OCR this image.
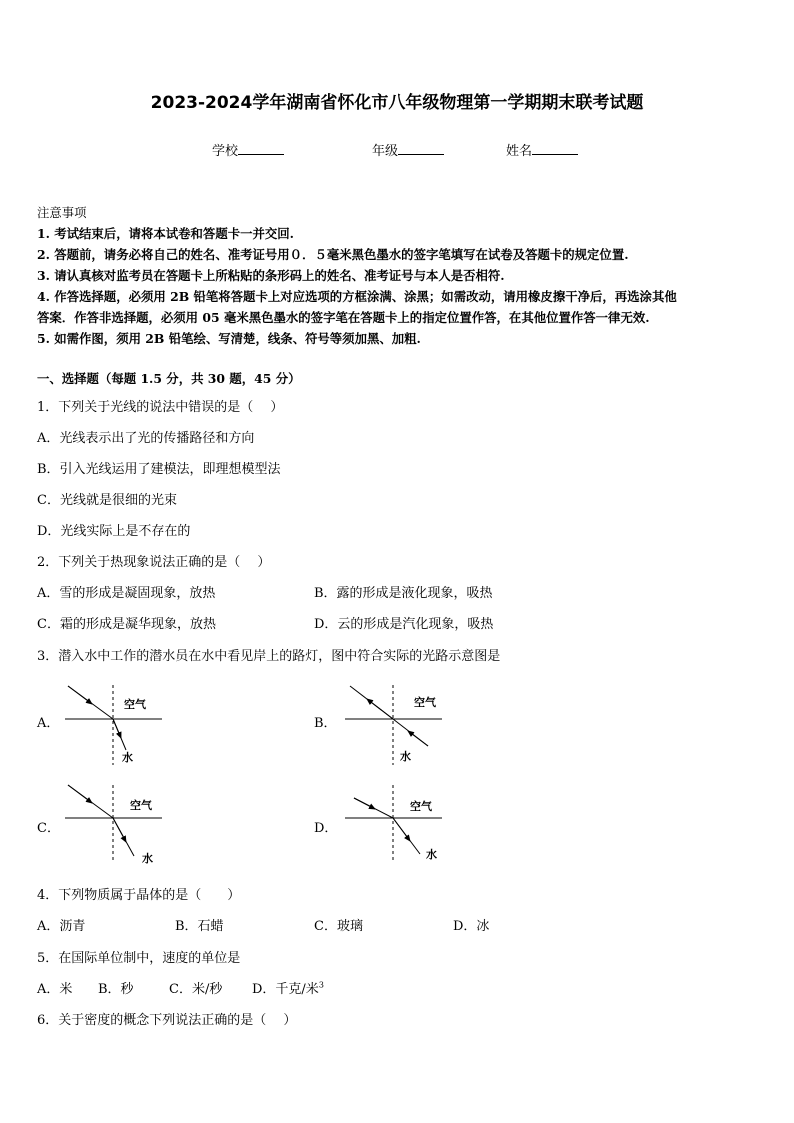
2023-2024学年湖南省怀化市八年级物理第一学期期末联考试题
学校	年级	姓名
注意事项
1. 考试结束后，请将本试卷和答题卡一并交回.
2. 答题前，请务必将自己的姓名、准考证号用０．５毫米黑色墨水的签字笔填写在试卷及答题卡的规定位置.
3. 请认真核对监考员在答题卡上所粘贴的条形码上的姓名、准考证号与本人是否相符.
4. 作答选择题，必须用 2B 铅笔将答题卡上对应选项的方框涂满、涂黑；如需改动，请用橡皮擦干净后，再选涂其他
答案．作答非选择题，必须用 05 毫米黑色墨水的签字笔在答题卡上的指定位置作答，在其他位置作答一律无效.
5. 如需作图，须用 2B 铅笔绘、写清楚，线条、符号等须加黑、加粗.
一、选择题（每题 1.5 分，共 30 题，45 分）
1．下列关于光线的说法中错误的是（　 ）
A．光线表示出了光的传播路径和方向
B．引入光线运用了建模法，即理想模型法
C．光线就是很细的光束
D．光线实际上是不存在的
2．下列关于热现象说法正确的是（　 ）
A．雪的形成是凝固现象，放热	B．露的形成是液化现象，吸热
C．霜的形成是凝华现象，放热	D．云的形成是汽化现象，吸热
3．潜入水中工作的潜水员在水中看见岸上的路灯，图中符合实际的光路示意图是
A．
空气
水
B．
空气
水
C．
空气
水
D．
空气
水
4．下列物质属于晶体的是（　　）
A．沥青	B．石蜡	C．玻璃	D．冰
5．在国际单位制中，速度的单位是
A．米 B．秒	C．米/秒 D．千克/米$^3$
6．关于密度的概念下列说法正确的是（　 ）
